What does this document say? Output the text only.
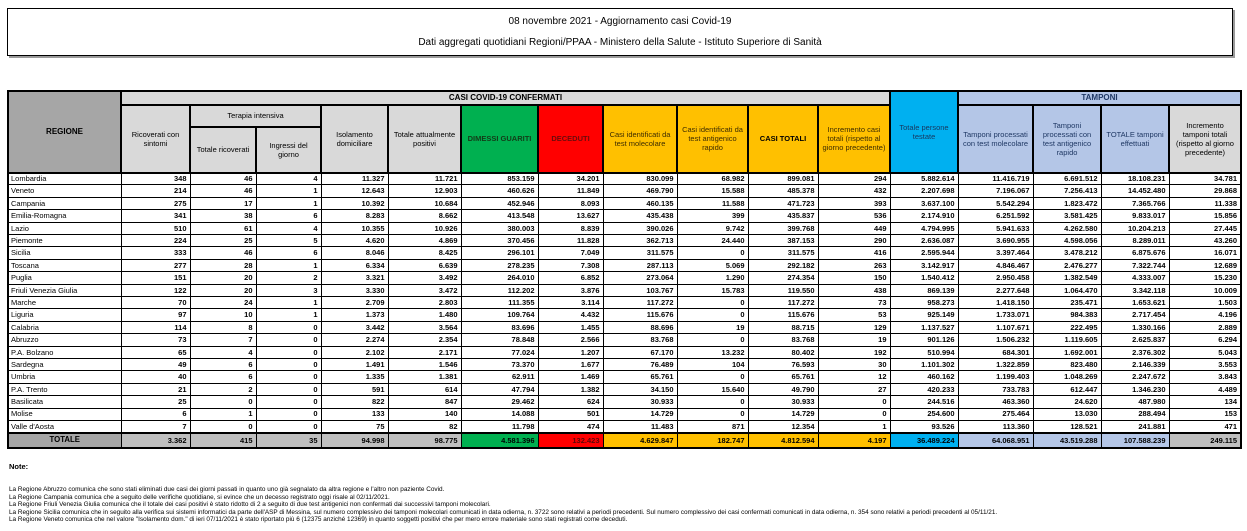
08 novembre 2021 - Aggiornamento casi Covid-19
Dati aggregati quotidiani Regioni/PPAA - Ministero della Salute - Istituto Superiore di Sanità
REGIONE	CASI COVID-19 CONFERMATI											Totale persone testate	TAMPONI			
	Ricoverati con sintomi	Terapia intensiva		Isolamento domiciliare	Totale attualmente positivi	DIMESSI GUARITI	DECEDUTI	Casi identificati da test molecolare	Casi identificati da test antigenico rapido	CASI TOTALI	Incremento casi totali (rispetto al giorno precedente)		Tamponi processati con test molecolare	Tamponi processati con test antigenico rapido	TOTALE tamponi effettuati	Incremento tamponi totali (rispetto al giorno precedente)
		Totale ricoverati	Ingressi del giorno													
Lombardia	348	46	4	11.327	11.721	853.159	34.201	830.099	68.982	899.081	294	5.882.614	11.416.719	6.691.512	18.108.231	34.781
Veneto	214	46	1	12.643	12.903	460.626	11.849	469.790	15.588	485.378	432	2.207.698	7.196.067	7.256.413	14.452.480	29.868
Campania	275	17	1	10.392	10.684	452.946	8.093	460.135	11.588	471.723	393	3.637.100	5.542.294	1.823.472	7.365.766	11.338
Emilia-Romagna	341	38	6	8.283	8.662	413.548	13.627	435.438	399	435.837	536	2.174.910	6.251.592	3.581.425	9.833.017	15.856
Lazio	510	61	4	10.355	10.926	380.003	8.839	390.026	9.742	399.768	449	4.794.995	5.941.633	4.262.580	10.204.213	27.445
Piemonte	224	25	5	4.620	4.869	370.456	11.828	362.713	24.440	387.153	290	2.636.087	3.690.955	4.598.056	8.289.011	43.260
Sicilia	333	46	6	8.046	8.425	296.101	7.049	311.575	0	311.575	416	2.595.944	3.397.464	3.478.212	6.875.676	16.071
Toscana	277	28	1	6.334	6.639	278.235	7.308	287.113	5.069	292.182	263	3.142.917	4.846.467	2.476.277	7.322.744	12.689
Puglia	151	20	2	3.321	3.492	264.010	6.852	273.064	1.290	274.354	150	1.540.412	2.950.458	1.382.549	4.333.007	15.230
Friuli Venezia Giulia	122	20	3	3.330	3.472	112.202	3.876	103.767	15.783	119.550	438	869.139	2.277.648	1.064.470	3.342.118	10.009
Marche	70	24	1	2.709	2.803	111.355	3.114	117.272	0	117.272	73	958.273	1.418.150	235.471	1.653.621	1.503
Liguria	97	10	1	1.373	1.480	109.764	4.432	115.676	0	115.676	53	925.149	1.733.071	984.383	2.717.454	4.196
Calabria	114	8	0	3.442	3.564	83.696	1.455	88.696	19	88.715	129	1.137.527	1.107.671	222.495	1.330.166	2.889
Abruzzo	73	7	0	2.274	2.354	78.848	2.566	83.768	0	83.768	19	901.126	1.506.232	1.119.605	2.625.837	6.294
P.A. Bolzano	65	4	0	2.102	2.171	77.024	1.207	67.170	13.232	80.402	192	510.994	684.301	1.692.001	2.376.302	5.043
Sardegna	49	6	0	1.491	1.546	73.370	1.677	76.489	104	76.593	30	1.101.302	1.322.859	823.480	2.146.339	3.553
Umbria	40	6	0	1.335	1.381	62.911	1.469	65.761	0	65.761	12	460.162	1.199.403	1.048.269	2.247.672	3.843
P.A. Trento	21	2	0	591	614	47.794	1.382	34.150	15.640	49.790	27	420.233	733.783	612.447	1.346.230	4.489
Basilicata	25	0	0	822	847	29.462	624	30.933	0	30.933	0	244.516	463.360	24.620	487.980	134
Molise	6	1	0	133	140	14.088	501	14.729	0	14.729	0	254.600	275.464	13.030	288.494	153
Valle d'Aosta	7	0	0	75	82	11.798	474	11.483	871	12.354	1	93.526	113.360	128.521	241.881	471
TOTALE	3.362	415	35	94.998	98.775	4.581.396	132.423	4.629.847	182.747	4.812.594	4.197	36.489.224	64.068.951	43.519.288	107.588.239	249.115
Note:
La Regione Abruzzo comunica che sono stati eliminati due casi dei giorni passati in quanto uno già segnalato da altra regione e l'altro non paziente Covid.
La Regione Campania comunica che a seguito delle verifiche quotidiane, si evince che un decesso registrato oggi risale al 02/11/2021.
La Regione Friuli Venezia Giulia comunica che il totale dei casi positivi è stato ridotto di 2 a seguito di due test antigenici non confermati dai successivi tamponi molecolari.
La Regione Sicilia comunica che in seguito alla verifica sui sistemi informatici da parte dell'ASP di Messina, sul numero complessivo dei tamponi molecolari comunicati in data odierna, n. 3722 sono relativi a periodi precedenti. Sul numero complessivo dei casi confermati comunicati in data odierna, n. 354 sono relativi a periodi precedenti al 05/11/21.
La Regione Veneto comunica che nel valore "Isolamento dom." di ieri 07/11/2021 è stato riportato più 6 (12375 anziché 12369) in quanto soggetti positivi che per mero errore materiale sono stati registrati come deceduti.
